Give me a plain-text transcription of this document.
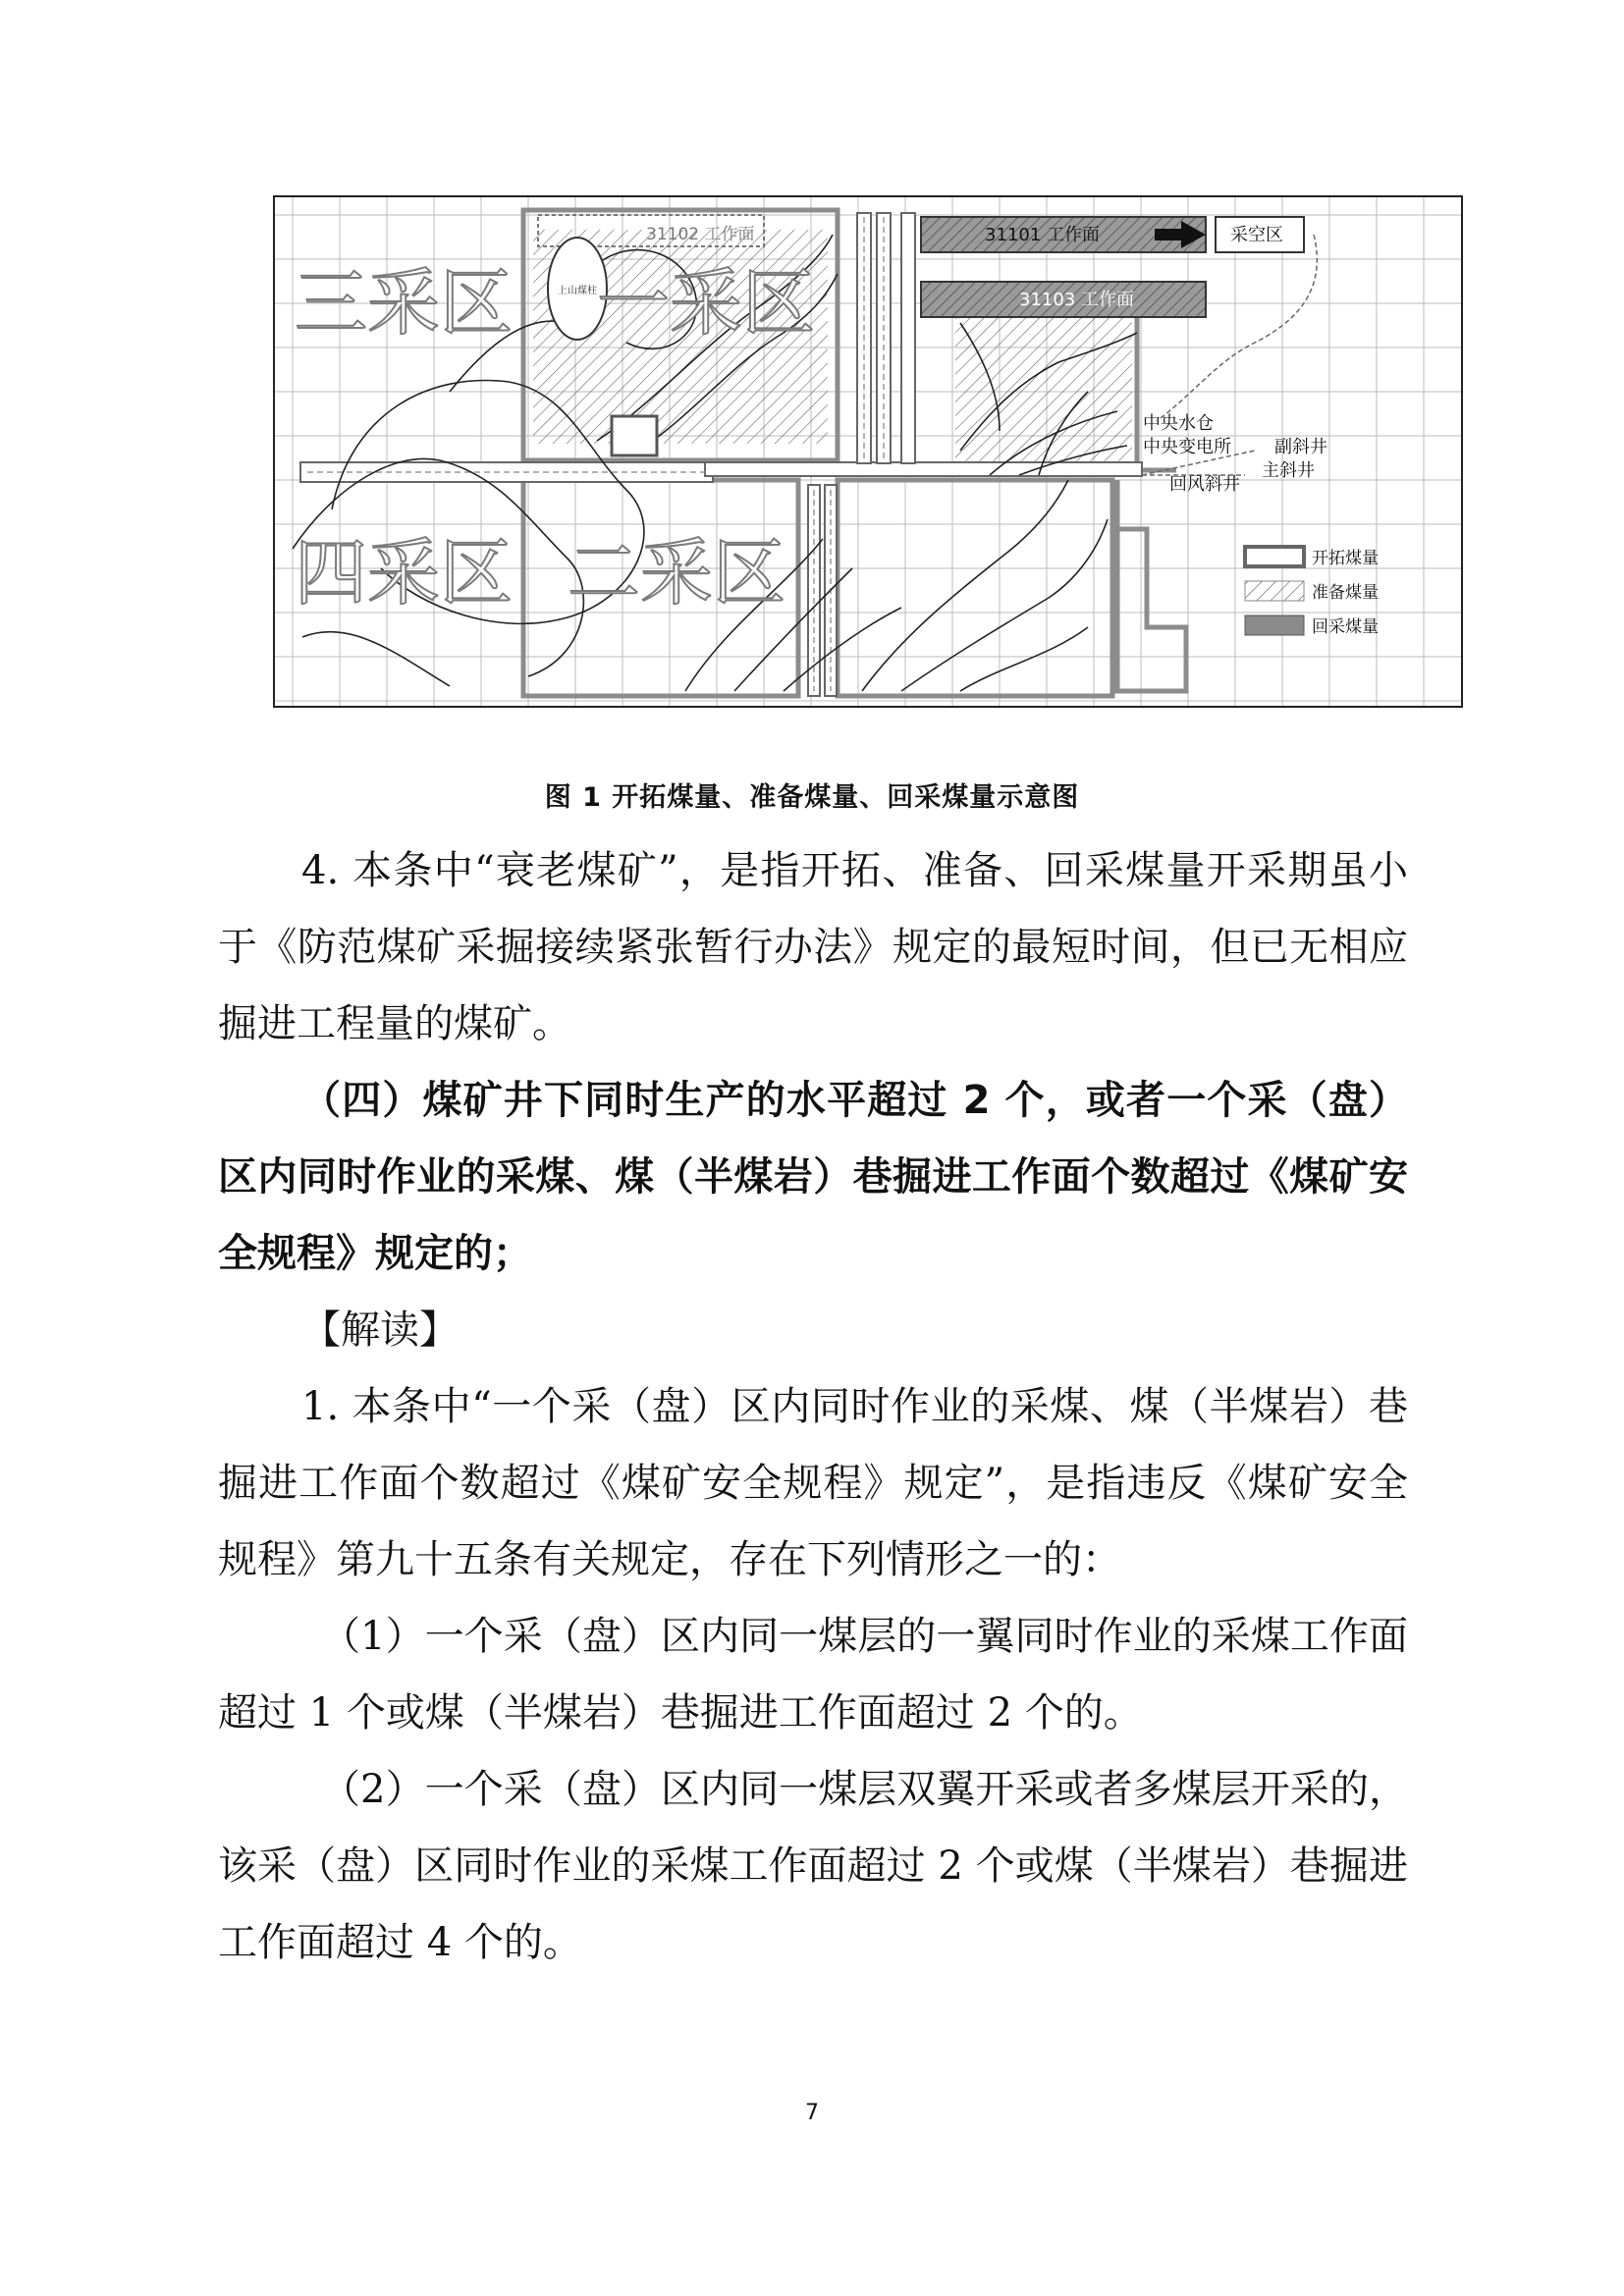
三采区 一采区
四采区 二采区
31102 工作面	31101 工作面
31103 工作面
采空区
上山煤柱
中央水仓
中央变电所
回风斜井
副斜井
主斜井
开拓煤量
准备煤量
回采煤量
图 1 开拓煤量、准备煤量、回采煤量示意图

4. 本条中“衰老煤矿”，是指开拓、准备、回采煤量开采期虽小于《防范煤矿采掘接续紧张暂行办法》规定的最短时间，但已无相应掘进工程量的煤矿。

（四）煤矿井下同时生产的水平超过 2 个，或者一个采（盘）区内同时作业的采煤、煤（半煤岩）巷掘进工作面个数超过《煤矿安全规程》规定的；

【解读】

1. 本条中“一个采（盘）区内同时作业的采煤、煤（半煤岩）巷掘进工作面个数超过《煤矿安全规程》规定”，是指违反《煤矿安全规程》第九十五条有关规定，存在下列情形之一的：

（1）一个采（盘）区内同一煤层的一翼同时作业的采煤工作面超过 1 个或煤（半煤岩）巷掘进工作面超过 2 个的。

（2）一个采（盘）区内同一煤层双翼开采或者多煤层开采的，该采（盘）区同时作业的采煤工作面超过 2 个或煤（半煤岩）巷掘进工作面超过 4 个的。

7
